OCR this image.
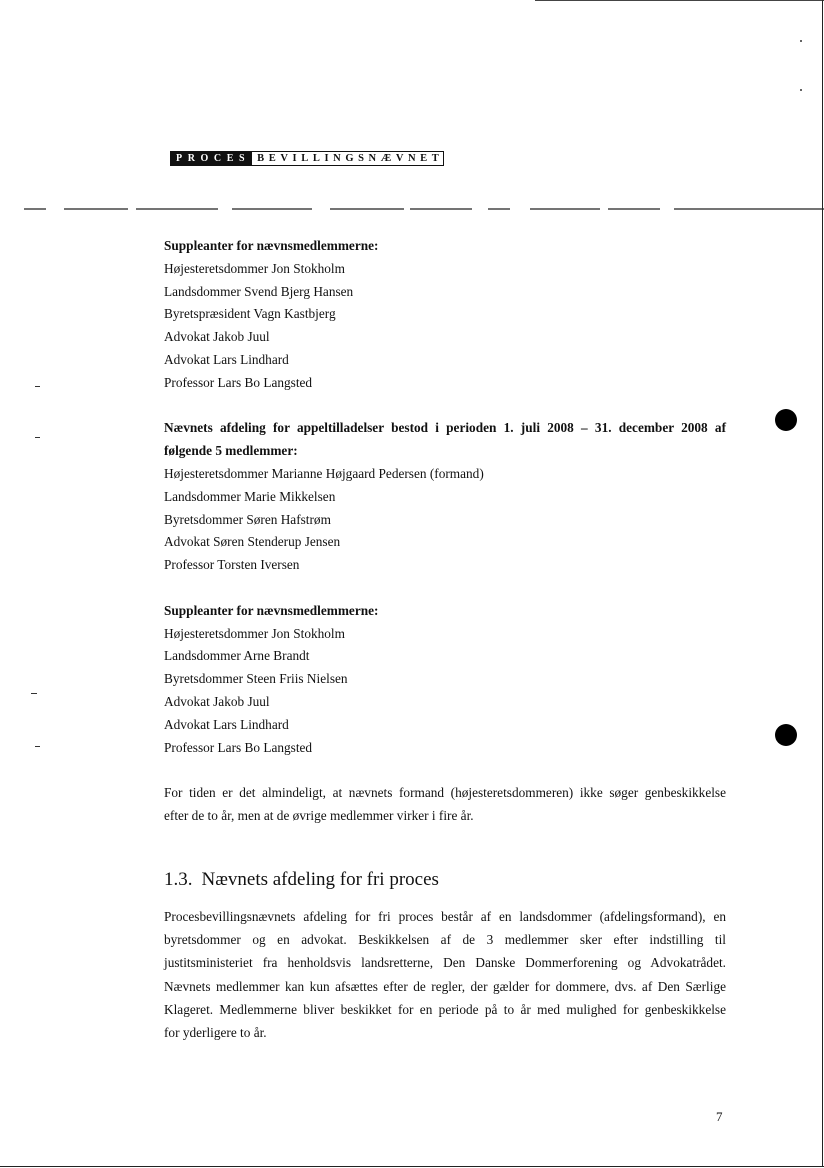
PROCES BEVILLINGSNÆVNET

Suppleanter for nævnsmedlemmerne:

Højesteretsdommer Jon Stokholm

Landsdommer Svend Bjerg Hansen

Byretspræsident Vagn Kastbjerg

Advokat Jakob Juul

Advokat Lars Lindhard

Professor Lars Bo Langsted

Nævnets afdeling for appeltilladelser bestod i perioden 1. juli 2008 – 31. december 2008 af

følgende 5 medlemmer:

Højesteretsdommer Marianne Højgaard Pedersen (formand)

Landsdommer Marie Mikkelsen

Byretsdommer Søren Hafstrøm

Advokat Søren Stenderup Jensen

Professor Torsten Iversen

Suppleanter for nævnsmedlemmerne:

Højesteretsdommer Jon Stokholm

Landsdommer Arne Brandt

Byretsdommer Steen Friis Nielsen

Advokat Jakob Juul

Advokat Lars Lindhard

Professor Lars Bo Langsted

For tiden er det almindeligt, at nævnets formand (højesteretsdommeren) ikke søger genbeskikkelse

efter de to år, men at de øvrige medlemmer virker i fire år.

1.3. Nævnets afdeling for fri proces
Procesbevillingsnævnets afdeling for fri proces består af en landsdommer (afdelingsformand), en
byretsdommer og en advokat. Beskikkelsen af de 3 medlemmer sker efter indstilling til
justitsministeriet fra henholdsvis landsretterne, Den Danske Dommerforening og Advokatrådet.
Nævnets medlemmer kan kun afsættes efter de regler, der gælder for dommere, dvs. af Den Særlige
Klageret. Medlemmerne bliver beskikket for en periode på to år med mulighed for genbeskikkelse
for yderligere to år.
7
